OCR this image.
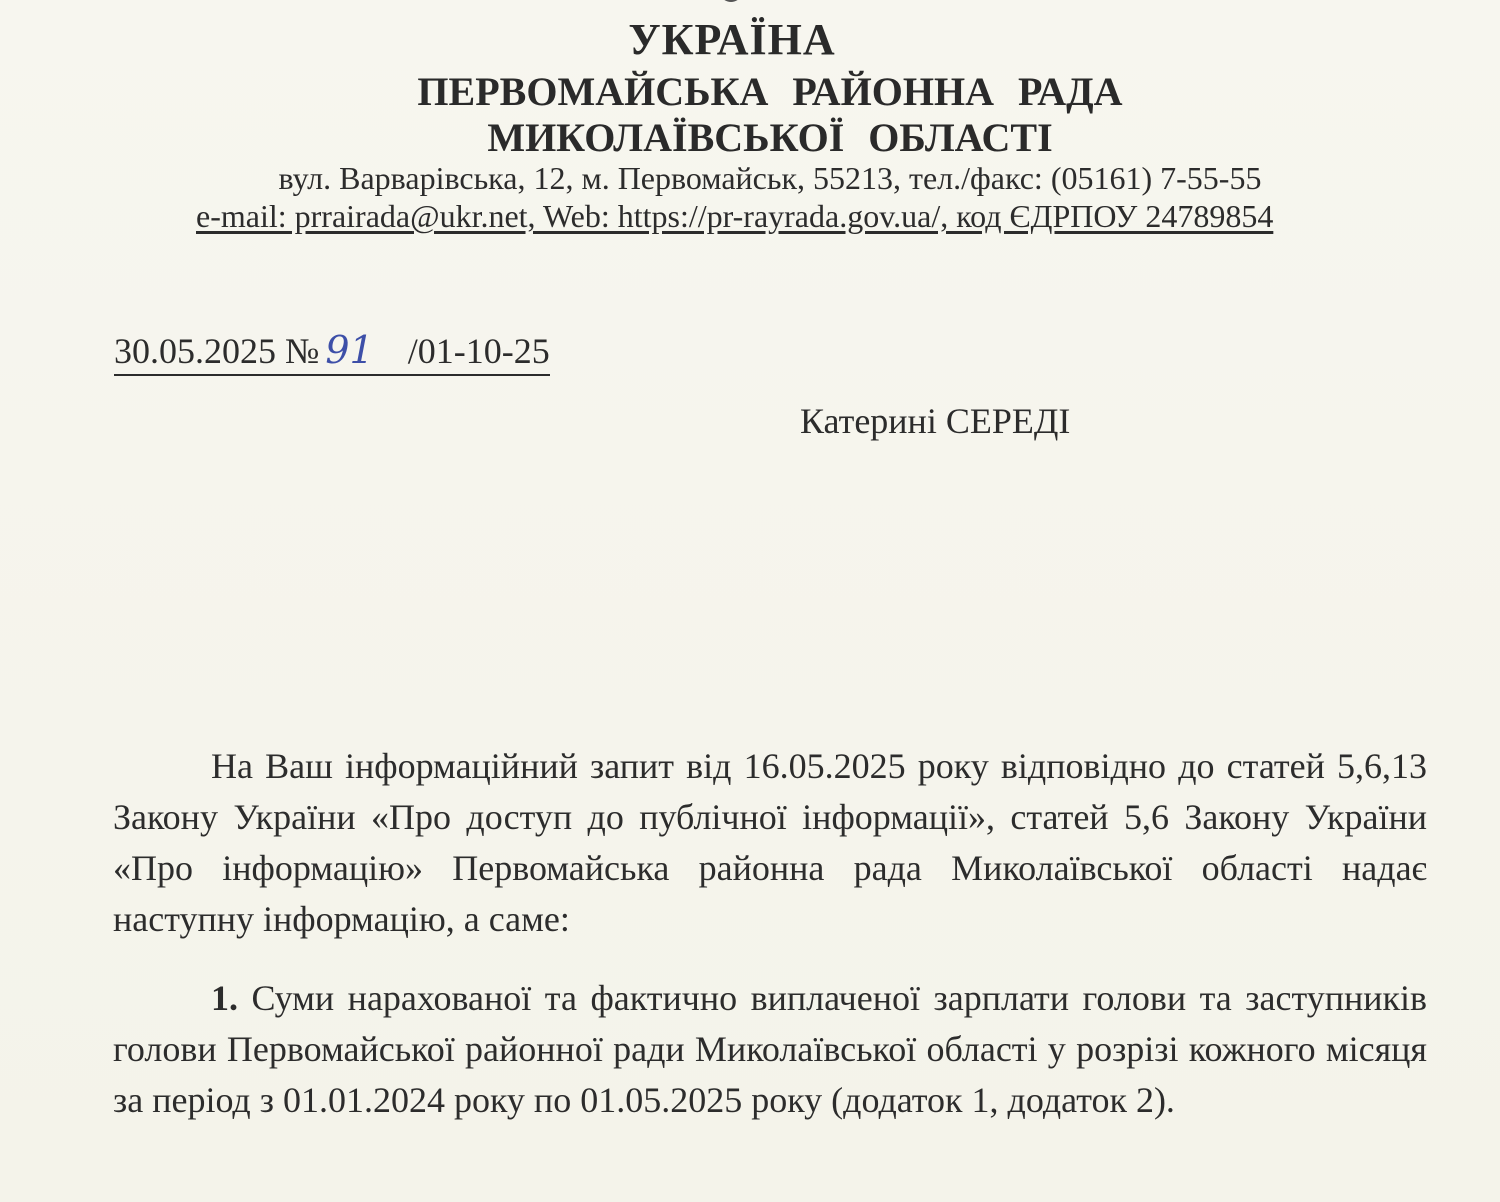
УКРАЇНА
ПЕРВОМАЙСЬКА РАЙОННА РАДА
МИКОЛАЇВСЬКОЇ ОБЛАСТІ
вул. Варварівська, 12, м. Первомайськ, 55213, тел./факс: (05161) 7-55-55
e-mail: prrairada@ukr.net, Web: https://pr-rayrada.gov.ua/, код ЄДРПОУ 24789854
30.05.2025 № 91 /01-10-25
Катерині СЕРЕДІ
На Ваш інформаційний запит від 16.05.2025 року відповідно до статей 5,6,13 Закону України «Про доступ до публічної інформації», статей 5,6 Закону України «Про інформацію» Первомайська районна рада Миколаївської області надає наступну інформацію, а саме:
1. Суми нарахованої та фактично виплаченої зарплати голови та заступників голови Первомайської районної ради Миколаївської області у розрізі кожного місяця за період з 01.01.2024 року по 01.05.2025 року (додаток 1, додаток 2).
